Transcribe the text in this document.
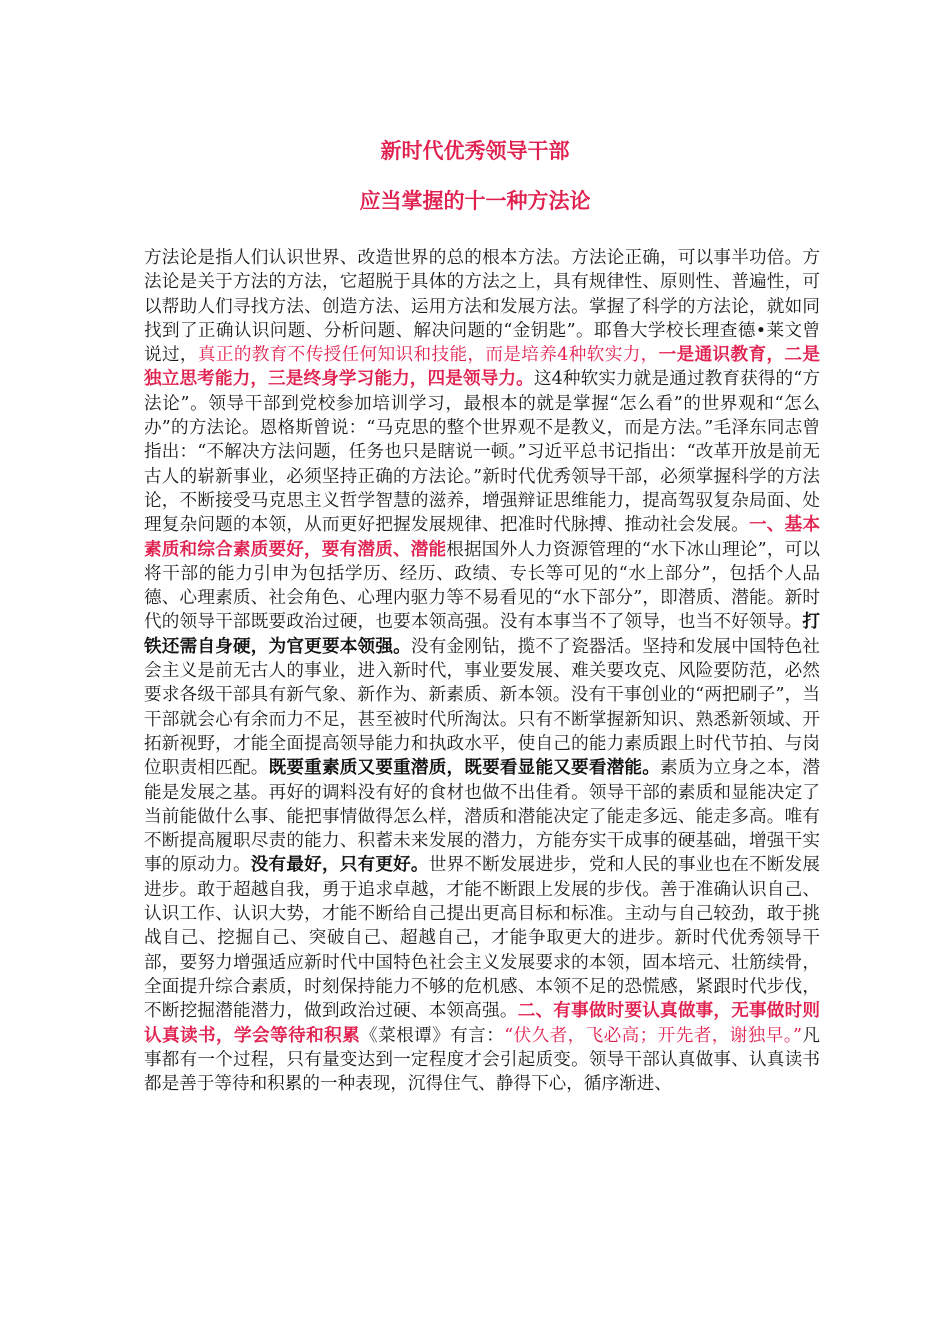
新时代优秀领导干部
应当掌握的十一种方法论

方法论是指人们认识世界、改造世界的总的根本方法。方法论正确，可以事半功倍。方法论是关于方法的方法，它超脱于具体的方法之上，具有规律性、原则性、普遍性，可以帮助人们寻找方法、创造方法、运用方法和发展方法。掌握了科学的方法论，就如同找到了正确认识问题、分析问题、解决问题的“金钥匙”。耶鲁大学校长理查德•莱文曾说过，真正的教育不传授任何知识和技能，而是培养4种软实力，一是通识教育，二是独立思考能力，三是终身学习能力，四是领导力。这4种软实力就是通过教育获得的“方法论”。领导干部到党校参加培训学习，最根本的就是掌握“怎么看”的世界观和“怎么办”的方法论。恩格斯曾说：“马克思的整个世界观不是教义，而是方法。”毛泽东同志曾指出：“不解决方法问题，任务也只是瞎说一顿。”习近平总书记指出：“改革开放是前无古人的崭新事业，必须坚持正确的方法论。”新时代优秀领导干部，必须掌握科学的方法论，不断接受马克思主义哲学智慧的滋养，增强辩证思维能力，提高驾驭复杂局面、处理复杂问题的本领，从而更好把握发展规律、把准时代脉搏、推动社会发展。一、基本素质和综合素质要好，要有潜质、潜能根据国外人力资源管理的“水下冰山理论”，可以将干部的能力引申为包括学历、经历、政绩、专长等可见的“水上部分”，包括个人品德、心理素质、社会角色、心理内驱力等不易看见的“水下部分”，即潜质、潜能。新时代的领导干部既要政治过硬，也要本领高强。没有本事当不了领导，也当不好领导。打铁还需自身硬，为官更要本领强。没有金刚钻，揽不了瓷器活。坚持和发展中国特色社会主义是前无古人的事业，进入新时代，事业要发展、难关要攻克、风险要防范，必然要求各级干部具有新气象、新作为、新素质、新本领。没有干事创业的“两把刷子”，当干部就会心有余而力不足，甚至被时代所淘汰。只有不断掌握新知识、熟悉新领域、开拓新视野，才能全面提高领导能力和执政水平，使自己的能力素质跟上时代节拍、与岗位职责相匹配。既要重素质又要重潜质，既要看显能又要看潜能。素质为立身之本，潜能是发展之基。再好的调料没有好的食材也做不出佳肴。领导干部的素质和显能决定了当前能做什么事、能把事情做得怎么样，潜质和潜能决定了能走多远、能走多高。唯有不断提高履职尽责的能力、积蓄未来发展的潜力，方能夯实干成事的硬基础，增强干实事的原动力。没有最好，只有更好。世界不断发展进步，党和人民的事业也在不断发展进步。敢于超越自我，勇于追求卓越，才能不断跟上发展的步伐。善于准确认识自己、认识工作、认识大势，才能不断给自己提出更高目标和标准。主动与自己较劲，敢于挑战自己、挖掘自己、突破自己、超越自己，才能争取更大的进步。新时代优秀领导干部，要努力增强适应新时代中国特色社会主义发展要求的本领，固本培元、壮筋续骨，全面提升综合素质，时刻保持能力不够的危机感、本领不足的恐慌感，紧跟时代步伐，不断挖掘潜能潜力，做到政治过硬、本领高强。二、有事做时要认真做事，无事做时则认真读书，学会等待和积累《菜根谭》有言：“伏久者，飞必高；开先者，谢独早。”凡事都有一个过程，只有量变达到一定程度才会引起质变。领导干部认真做事、认真读书都是善于等待和积累的一种表现，沉得住气、静得下心，循序渐进、
